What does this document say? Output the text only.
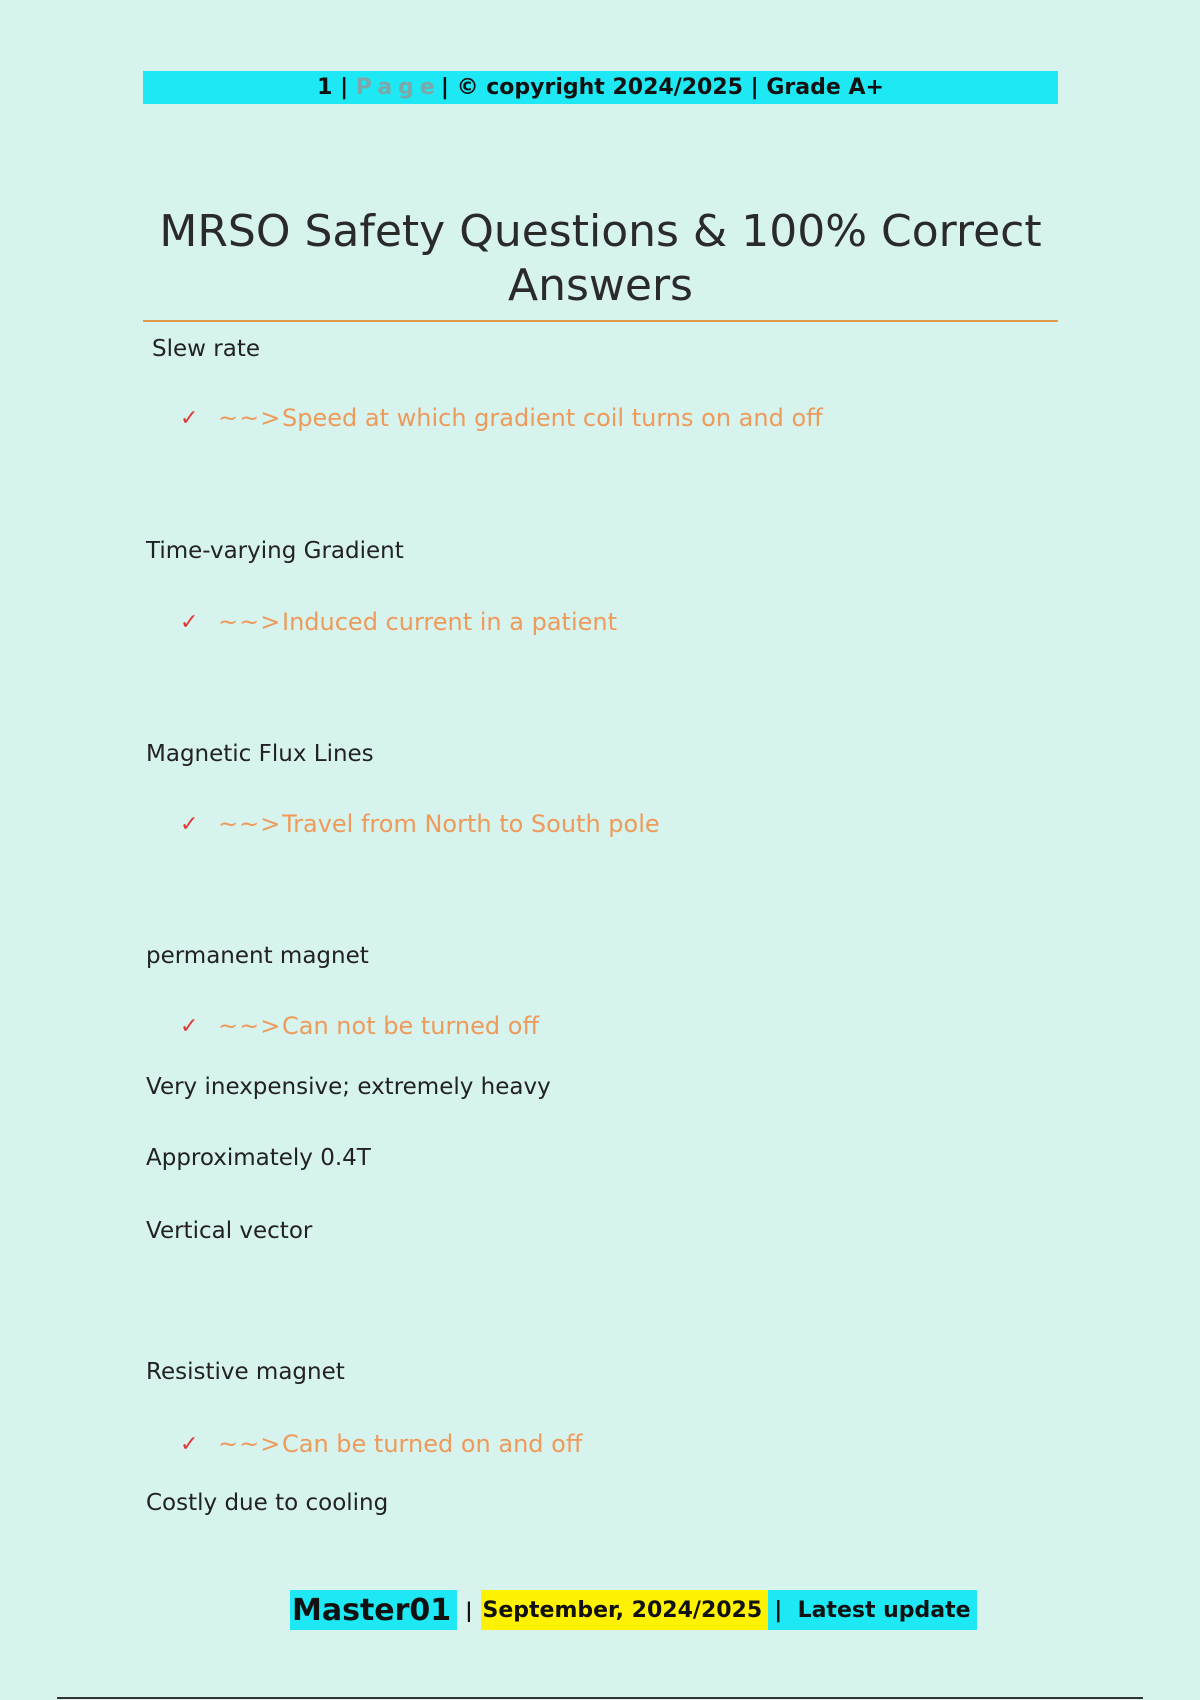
1
|
Page |
© copyright 2024/2025
|
Grade A+
MRSO Safety Questions & 100% Correct Answers
Slew rate
✓ ~~> Speed at which gradient coil turns on and off
Time-varying Gradient
✓ ~~> Induced current in a patient
Magnetic Flux Lines
✓ ~~> Travel from North to South pole
permanent magnet
✓ ~~> Can not be turned off
Very inexpensive; extremely heavy
Approximately 0.4T
Vertical vector
Resistive magnet
✓ ~~> Can be turned on and off
Costly due to cooling
Master01 | September, 2024/2025 |
Latest update
